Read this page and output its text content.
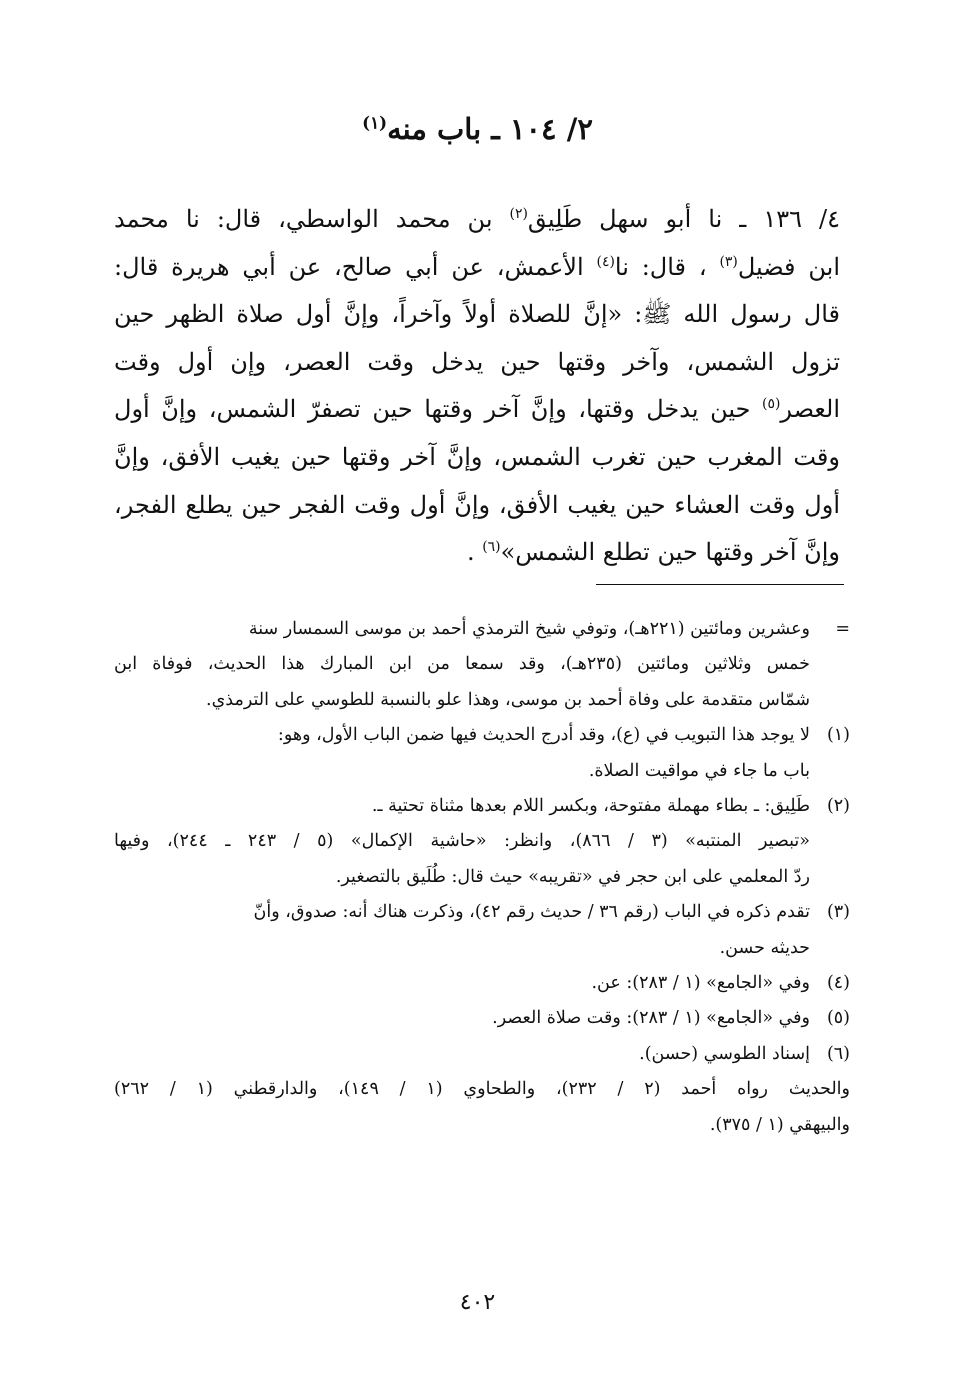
٢/ ١٠٤ ـ باب منه$^{(١)}$
٤/ ١٣٦ ـ نا أبو سهل طَلِيق$^{(٢)}$ بن محمد الواسطي، قال: نا محمد
ابن فضيل$^{(٣)}$ ، قال: نا$^{(٤)}$ الأعمش، عن أبي صالح، عن أبي هريرة قال:
قال رسول الله ﷺ: «إنَّ للصلاة أولاً وآخراً، وإنَّ أول صلاة الظهر حين
تزول الشمس، وآخر وقتها حين يدخل وقت العصر، وإن أول وقت
العصر$^{(٥)}$ حين يدخل وقتها، وإنَّ آخر وقتها حين تصفرّ الشمس، وإنَّ أول
وقت المغرب حين تغرب الشمس، وإنَّ آخر وقتها حين يغيب الأفق، وإنَّ
أول وقت العشاء حين يغيب الأفق، وإنَّ أول وقت الفجر حين يطلع الفجر،
وإنَّ آخر وقتها حين تطلع الشمس»$^{(٦)}$ .
=وعشرين ومائتين (٢٢١هـ)، وتوفي شيخ الترمذي أحمد بن موسى السمسار سنة
خمس وثلاثين ومائتين (٢٣٥هـ)، وقد سمعا من ابن المبارك هذا الحديث، فوفاة ابن
شمّاس متقدمة على وفاة أحمد بن موسى، وهذا علو بالنسبة للطوسي على الترمذي.
(١)لا يوجد هذا التبويب في (ع)، وقد أدرج الحديث فيها ضمن الباب الأول، وهو:
باب ما جاء في مواقيت الصلاة.
(٢)طَلِيق: ـ بطاء مهملة مفتوحة، وبكسر اللام بعدها مثناة تحتية ـ.
«تبصير المنتبه» (٣ / ٨٦٦)، وانظر: «حاشية الإكمال» (٥ / ٢٤٣ ـ ٢٤٤)، وفيها
ردّ المعلمي على ابن حجر في «تقريبه» حيث قال: طُلَيق بالتصغير.
(٣)تقدم ذكره في الباب (رقم ٣٦ / حديث رقم ٤٢)، وذكرت هناك أنه: صدوق، وأنّ
حديثه حسن.
(٤)وفي «الجامع» (١ / ٢٨٣): عن.
(٥)وفي «الجامع» (١ / ٢٨٣): وقت صلاة العصر.
(٦)إسناد الطوسي (حسن).
والحديث رواه أحمد (٢ / ٢٣٢)، والطحاوي (١ / ١٤٩)، والدارقطني (١ / ٢٦٢)
والبيهقي (١ / ٣٧٥).
٤٠٢
